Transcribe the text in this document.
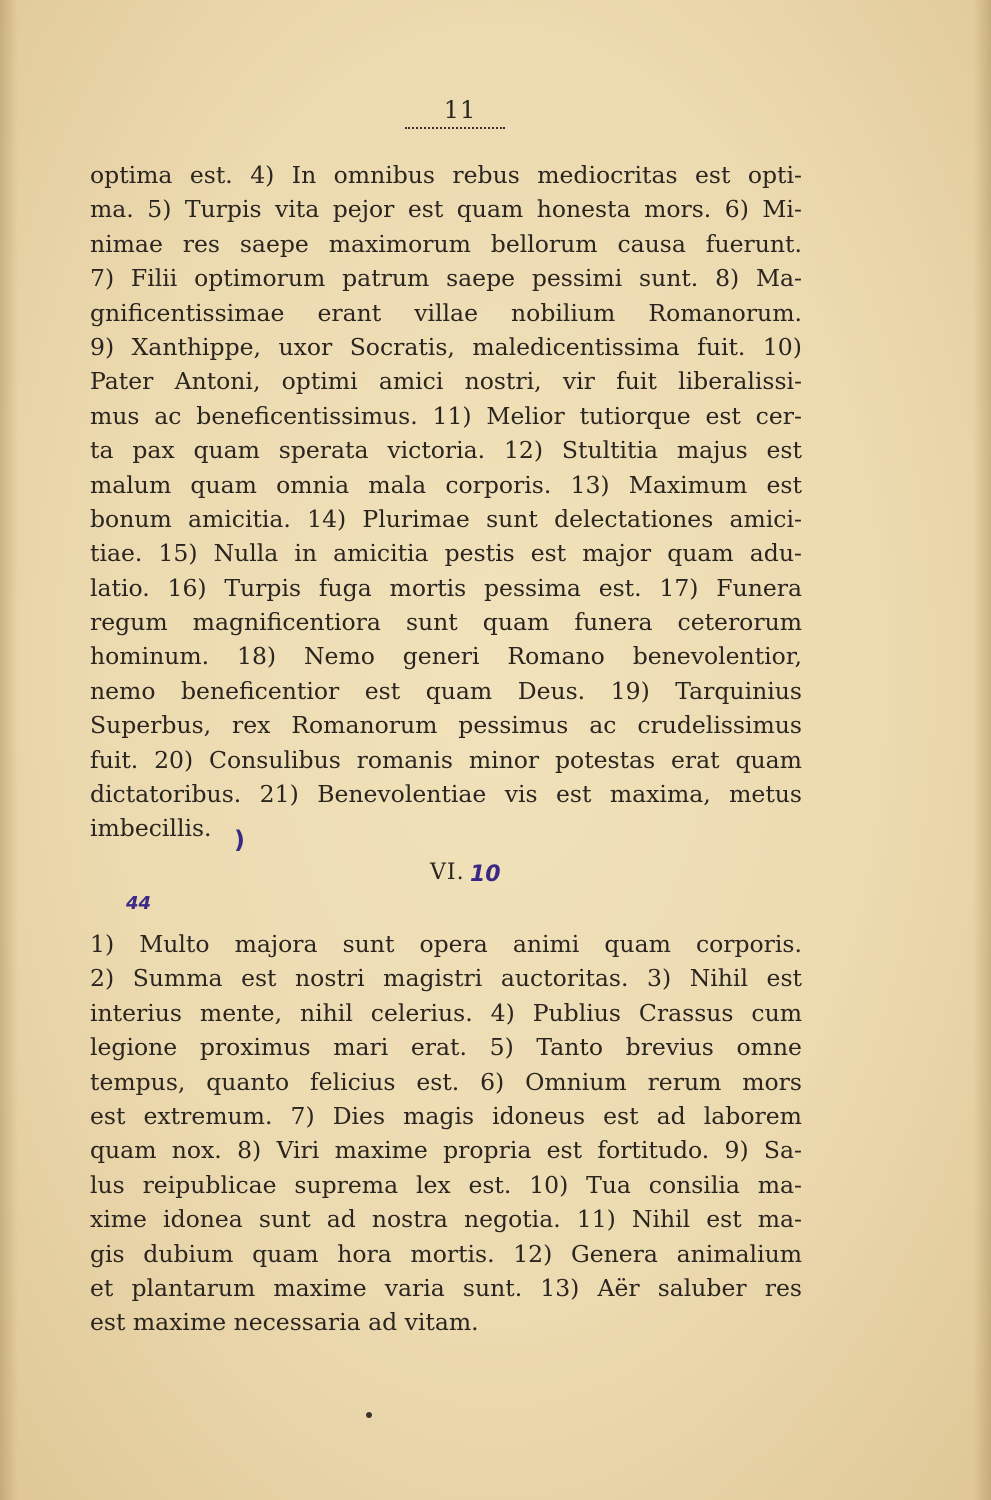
11
optima est. 4) In omnibus rebus mediocritas est opti-
ma. 5) Turpis vita pejor est quam honesta mors. 6) Mi-
nimae res saepe maximorum bellorum causa fuerunt.
7) Filii optimorum patrum saepe pessimi sunt. 8) Ma-
gnificentissimae erant villae nobilium Romanorum.
9) Xanthippe, uxor Socratis, maledicentissima fuit. 10)
Pater Antoni, optimi amici nostri, vir fuit liberalissi-
mus ac beneficentissimus. 11) Melior tutiorque est cer-
ta pax quam sperata victoria. 12) Stultitia majus est
malum quam omnia mala corporis. 13) Maximum est
bonum amicitia. 14) Plurimae sunt delectationes amici-
tiae. 15) Nulla in amicitia pestis est major quam adu-
latio. 16) Turpis fuga mortis pessima est. 17) Funera
regum magnificentiora sunt quam funera ceterorum
hominum. 18) Nemo generi Romano benevolentior,
nemo beneficentior est quam Deus. 19) Tarquinius
Superbus, rex Romanorum pessimus ac crudelissimus
fuit. 20) Consulibus romanis minor potestas erat quam
dictatoribus. 21) Benevolentiae vis est maxima, metus
imbecillis. )
VI. 10
44
1) Multo majora sunt opera animi quam corporis.
2) Summa est nostri magistri auctoritas. 3) Nihil est
interius mente, nihil celerius. 4) Publius Crassus cum
legione proximus mari erat. 5) Tanto brevius omne
tempus, quanto felicius est. 6) Omnium rerum mors
est extremum. 7) Dies magis idoneus est ad laborem
quam nox. 8) Viri maxime propria est fortitudo. 9) Sa-
lus reipublicae suprema lex est. 10) Tua consilia ma-
xime idonea sunt ad nostra negotia. 11) Nihil est ma-
gis dubium quam hora mortis. 12) Genera animalium
et plantarum maxime varia sunt. 13) Aër saluber res
est maxime necessaria ad vitam.
